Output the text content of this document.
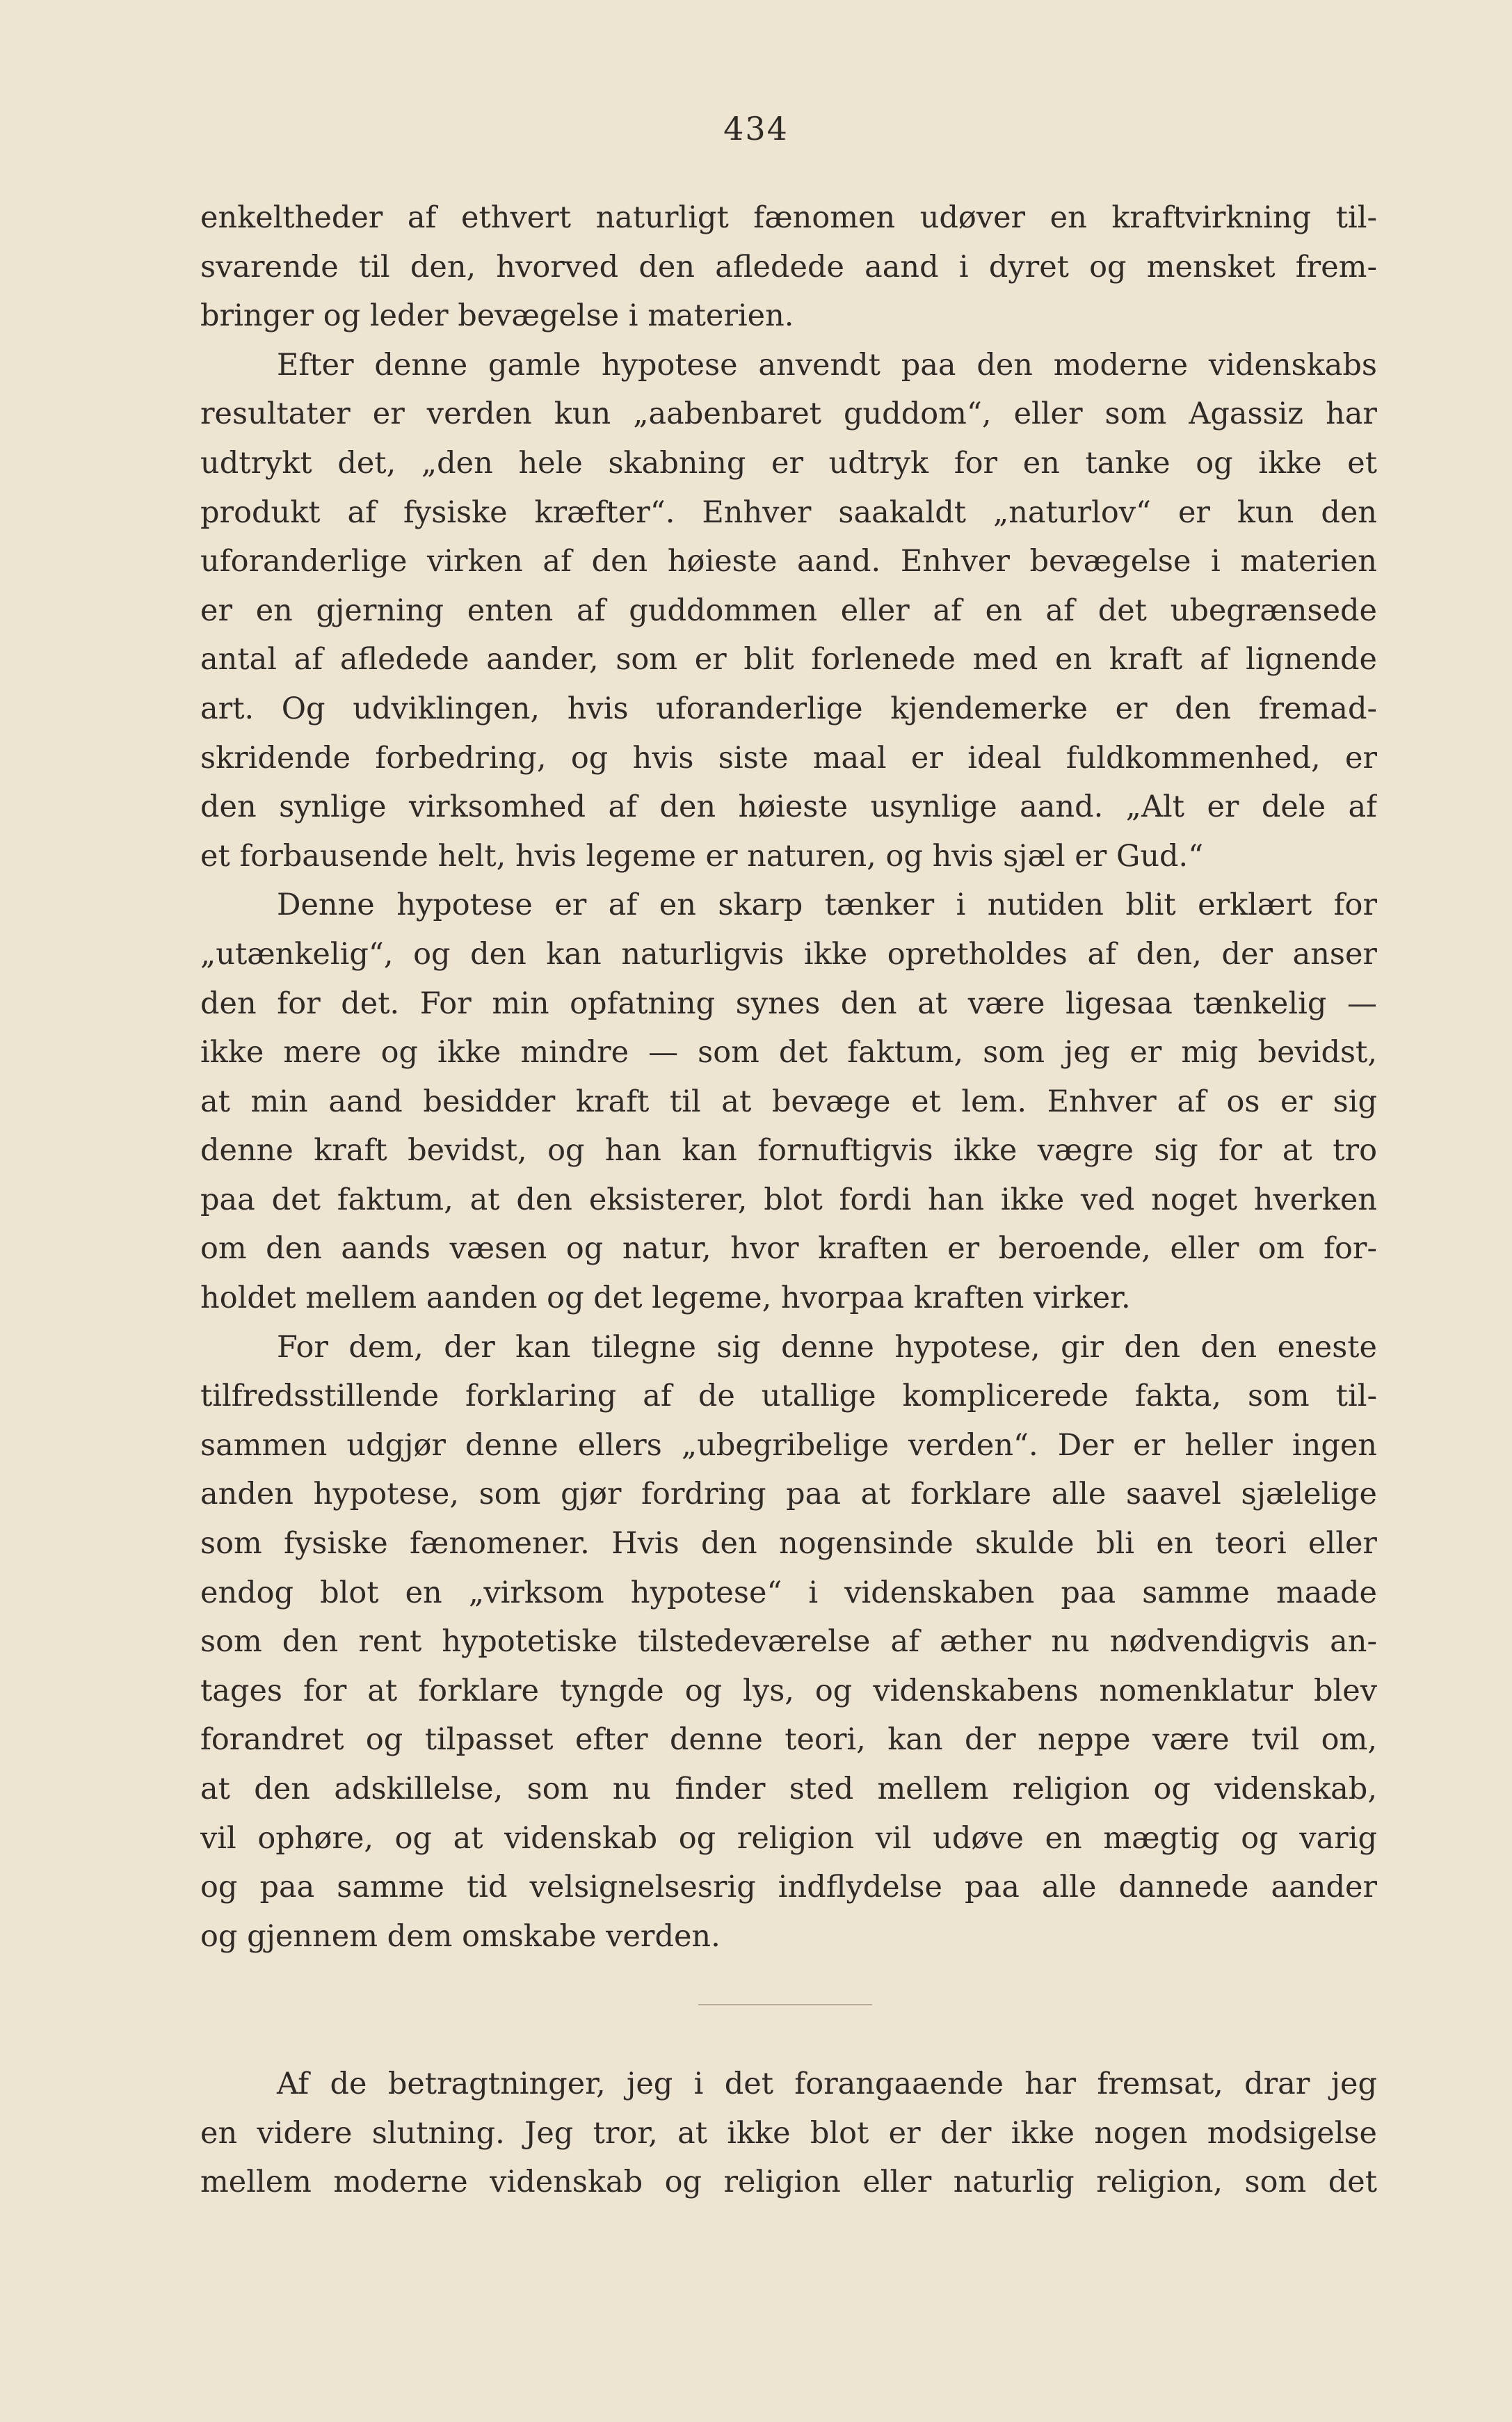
434
enkeltheder af ethvert naturligt fænomen udøver en kraftvirkning til-
svarende til den, hvorved den afledede aand i dyret og mensket frem-
bringer og leder bevægelse i materien.
Efter denne gamle hypotese anvendt paa den moderne videnskabs
resultater er verden kun „aabenbaret guddom“, eller som Agassiz har
udtrykt det, „den hele skabning er udtryk for en tanke og ikke et
produkt af fysiske kræfter“. Enhver saakaldt „naturlov“ er kun den
uforanderlige virken af den høieste aand. Enhver bevægelse i materien
er en gjerning enten af guddommen eller af en af det ubegrænsede
antal af afledede aander, som er blit forlenede med en kraft af lignende
art. Og udviklingen, hvis uforanderlige kjendemerke er den fremad-
skridende forbedring, og hvis siste maal er ideal fuldkommenhed, er
den synlige virksomhed af den høieste usynlige aand. „Alt er dele af
et forbausende helt, hvis legeme er naturen, og hvis sjæl er Gud.“
Denne hypotese er af en skarp tænker i nutiden blit erklært for
„utænkelig“, og den kan naturligvis ikke opretholdes af den, der anser
den for det. For min opfatning synes den at være ligesaa tænkelig —
ikke mere og ikke mindre — som det faktum, som jeg er mig bevidst,
at min aand besidder kraft til at bevæge et lem. Enhver af os er sig
denne kraft bevidst, og han kan fornuftigvis ikke vægre sig for at tro
paa det faktum, at den eksisterer, blot fordi han ikke ved noget hverken
om den aands væsen og natur, hvor kraften er beroende, eller om for-
holdet mellem aanden og det legeme, hvorpaa kraften virker.
For dem, der kan tilegne sig denne hypotese, gir den den eneste
tilfredsstillende forklaring af de utallige komplicerede fakta, som til-
sammen udgjør denne ellers „ubegribelige verden“. Der er heller ingen
anden hypotese, som gjør fordring paa at forklare alle saavel sjælelige
som fysiske fænomener. Hvis den nogensinde skulde bli en teori eller
endog blot en „virksom hypotese“ i videnskaben paa samme maade
som den rent hypotetiske tilstedeværelse af æther nu nødvendigvis an-
tages for at forklare tyngde og lys, og videnskabens nomenklatur blev
forandret og tilpasset efter denne teori, kan der neppe være tvil om,
at den adskillelse, som nu finder sted mellem religion og videnskab,
vil ophøre, og at videnskab og religion vil udøve en mægtig og varig
og paa samme tid velsignelsesrig indflydelse paa alle dannede aander
og gjennem dem omskabe verden.
Af de betragtninger, jeg i det forangaaende har fremsat, drar jeg
en videre slutning. Jeg tror, at ikke blot er der ikke nogen modsigelse
mellem moderne videnskab og religion eller naturlig religion, som det
